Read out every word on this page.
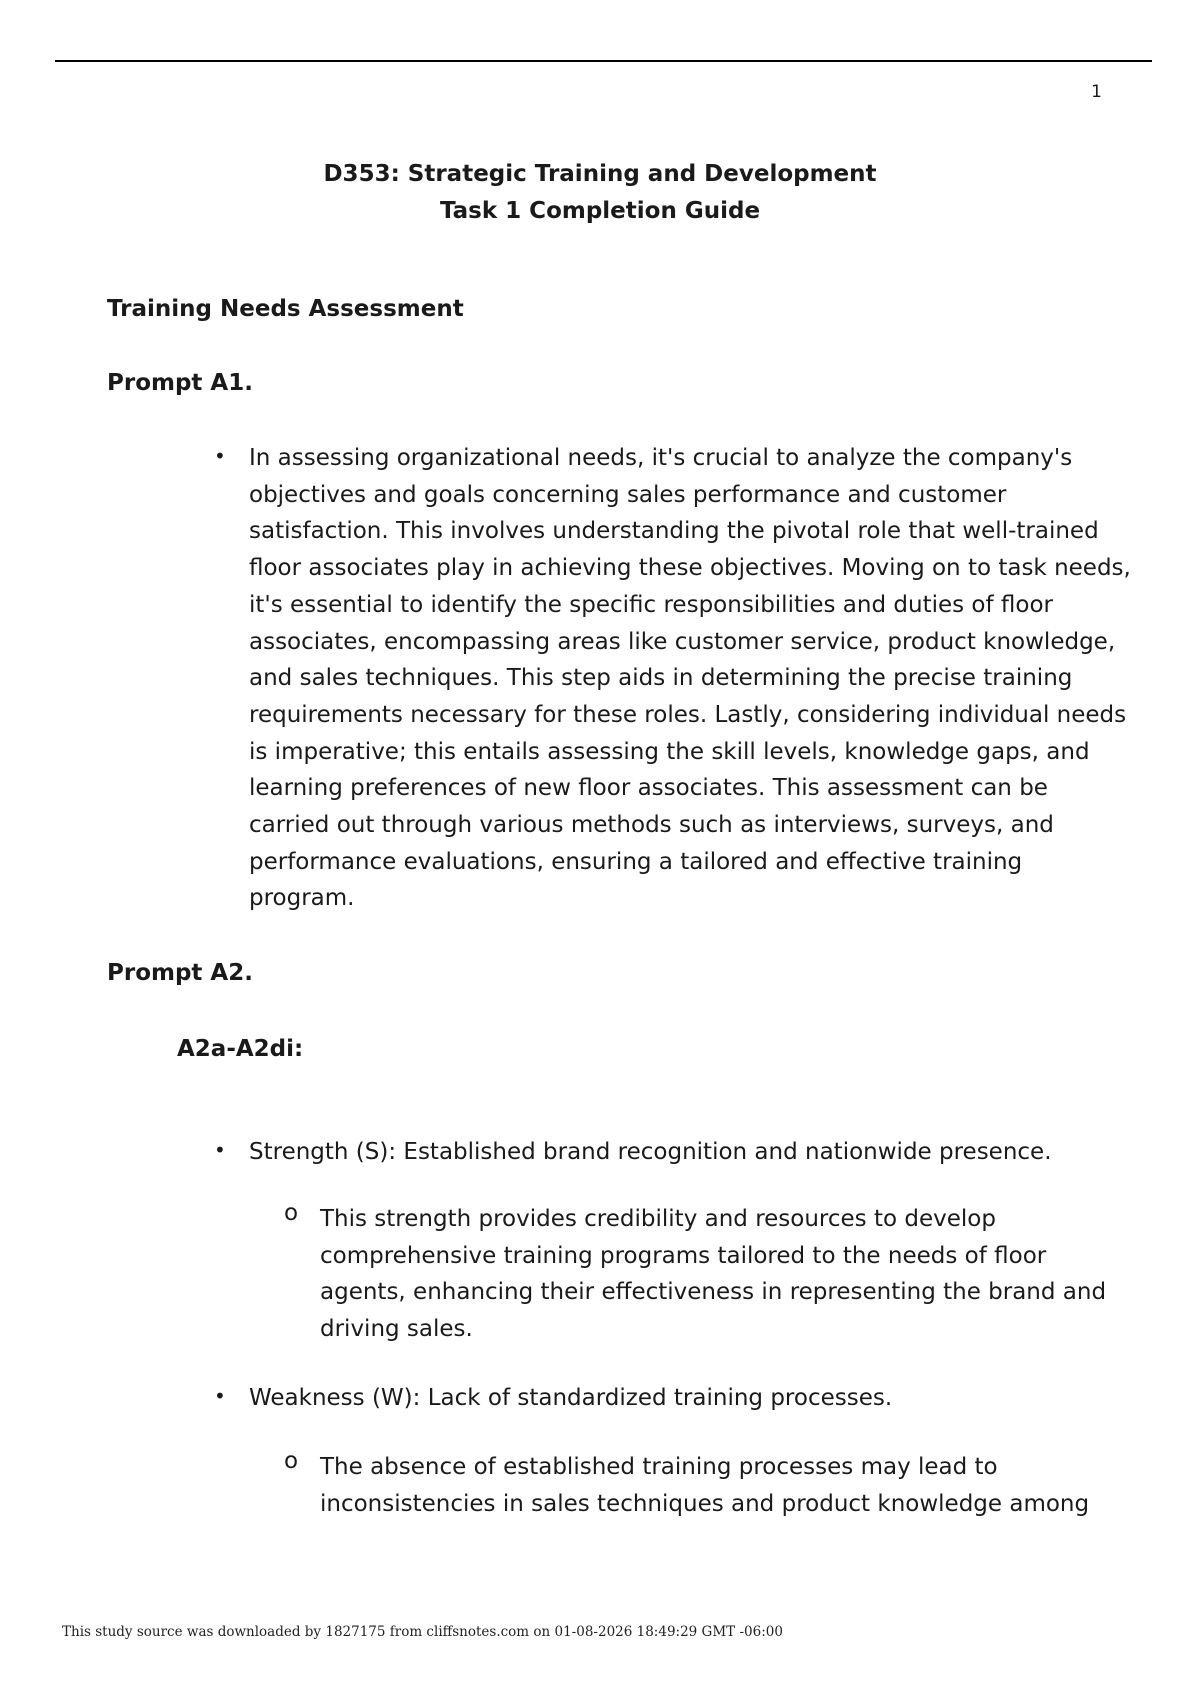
1
D353: Strategic Training and Development
Task 1 Completion Guide
Training Needs Assessment
Prompt A1.
• In assessing organizational needs, it's crucial to analyze the company's
objectives and goals concerning sales performance and customer
satisfaction. This involves understanding the pivotal role that well-trained
floor associates play in achieving these objectives. Moving on to task needs,
it's essential to identify the specific responsibilities and duties of floor
associates, encompassing areas like customer service, product knowledge,
and sales techniques. This step aids in determining the precise training
requirements necessary for these roles. Lastly, considering individual needs
is imperative; this entails assessing the skill levels, knowledge gaps, and
learning preferences of new floor associates. This assessment can be
carried out through various methods such as interviews, surveys, and
performance evaluations, ensuring a tailored and effective training
program.
Prompt A2.
A2a-A2di:
• Strength (S): Established brand recognition and nationwide presence.
o This strength provides credibility and resources to develop
comprehensive training programs tailored to the needs of floor
agents, enhancing their effectiveness in representing the brand and
driving sales.
• Weakness (W): Lack of standardized training processes.
o The absence of established training processes may lead to
inconsistencies in sales techniques and product knowledge among
This study source was downloaded by 1827175 from cliffsnotes.com on 01-08-2026 18:49:29 GMT -06:00
